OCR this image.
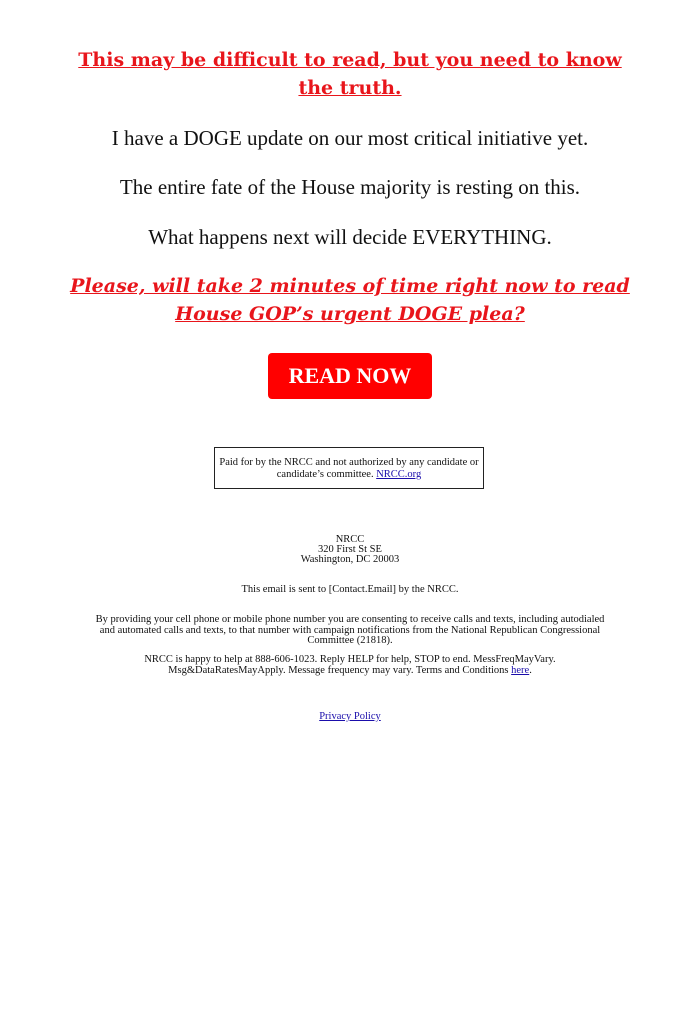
This may be difficult to read, but you need to know the truth.

I have a DOGE update on our most critical initiative yet.

The entire fate of the House majority is resting on this.

What happens next will decide EVERYTHING.

Please, will take 2 minutes of time right now to read House GOP’s urgent DOGE plea?

READ NOW
Paid for by the NRCC and not authorized by any candidate or candidate’s committee. NRCC.org

NRCC

320 First St SE

Washington, DC 20003

This email is sent to [Contact.Email] by the NRCC.

By providing your cell phone or mobile phone number you are consenting to receive calls and texts, including autodialed and automated calls and texts, to that number with campaign notifications from the National Republican Congressional Committee (21818).

NRCC is happy to help at 888-606-1023. Reply HELP for help, STOP to end. MessFreqMayVary. Msg&DataRatesMayApply. Message frequency may vary. Terms and Conditions here.

Privacy Policy
